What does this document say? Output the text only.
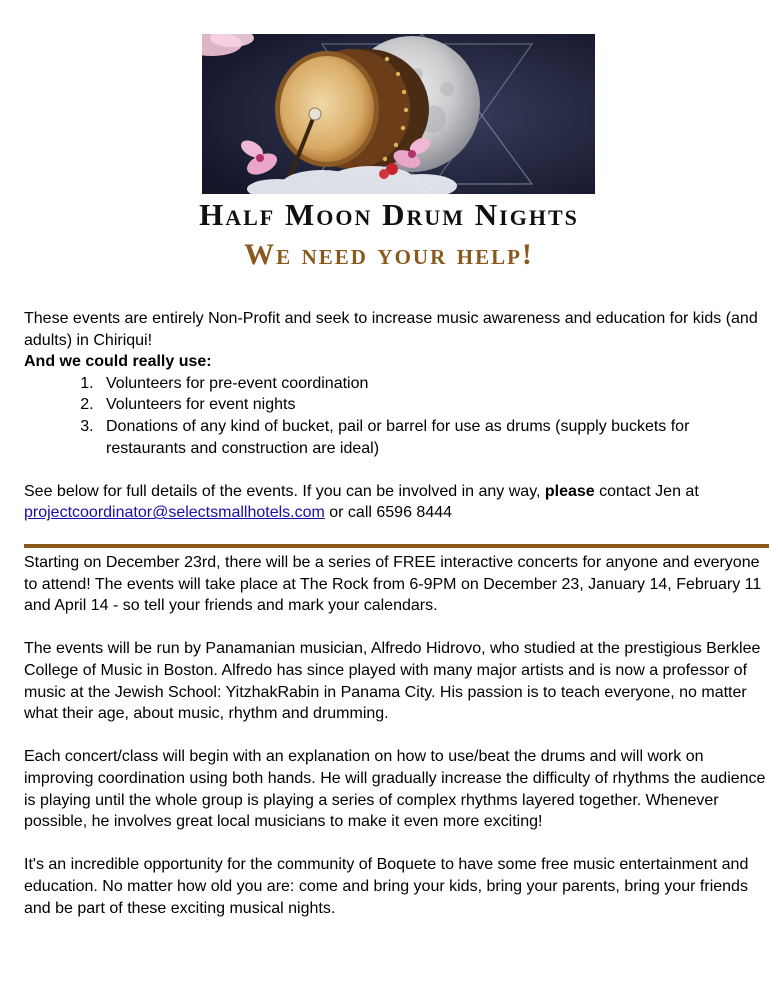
Half Moon Drum Nights
We need your help!

These events are entirely Non-Profit and seek to increase music awareness and education for kids (and adults) in Chiriqui!

And we could really use:

1. Volunteers for pre-event coordination
2. Volunteers for event nights
3. Donations of any kind of bucket, pail or barrel for use as drums (supply buckets for restaurants and construction are ideal)

See below for full details of the events. If you can be involved in any way, please contact Jen at projectcoordinator@selectsmallhotels.com or call 6596 8444

Starting on December 23rd, there will be a series of FREE interactive concerts for anyone and everyone to attend! The events will take place at The Rock from 6-9PM on December 23, January 14, February 11 and April 14 - so tell your friends and mark your calendars.

The events will be run by Panamanian musician, Alfredo Hidrovo, who studied at the prestigious Berklee College of Music in Boston. Alfredo has since played with many major artists and is now a professor of music at the Jewish School: YitzhakRabin in Panama City. His passion is to teach everyone, no matter what their age, about music, rhythm and drumming.

Each concert/class will begin with an explanation on how to use/beat the drums and will work on improving coordination using both hands. He will gradually increase the difficulty of rhythms the audience is playing until the whole group is playing a series of complex rhythms layered together. Whenever possible, he involves great local musicians to make it even more exciting!

It's an incredible opportunity for the community of Boquete to have some free music entertainment and education. No matter how old you are: come and bring your kids, bring your parents, bring your friends and be part of these exciting musical nights.
